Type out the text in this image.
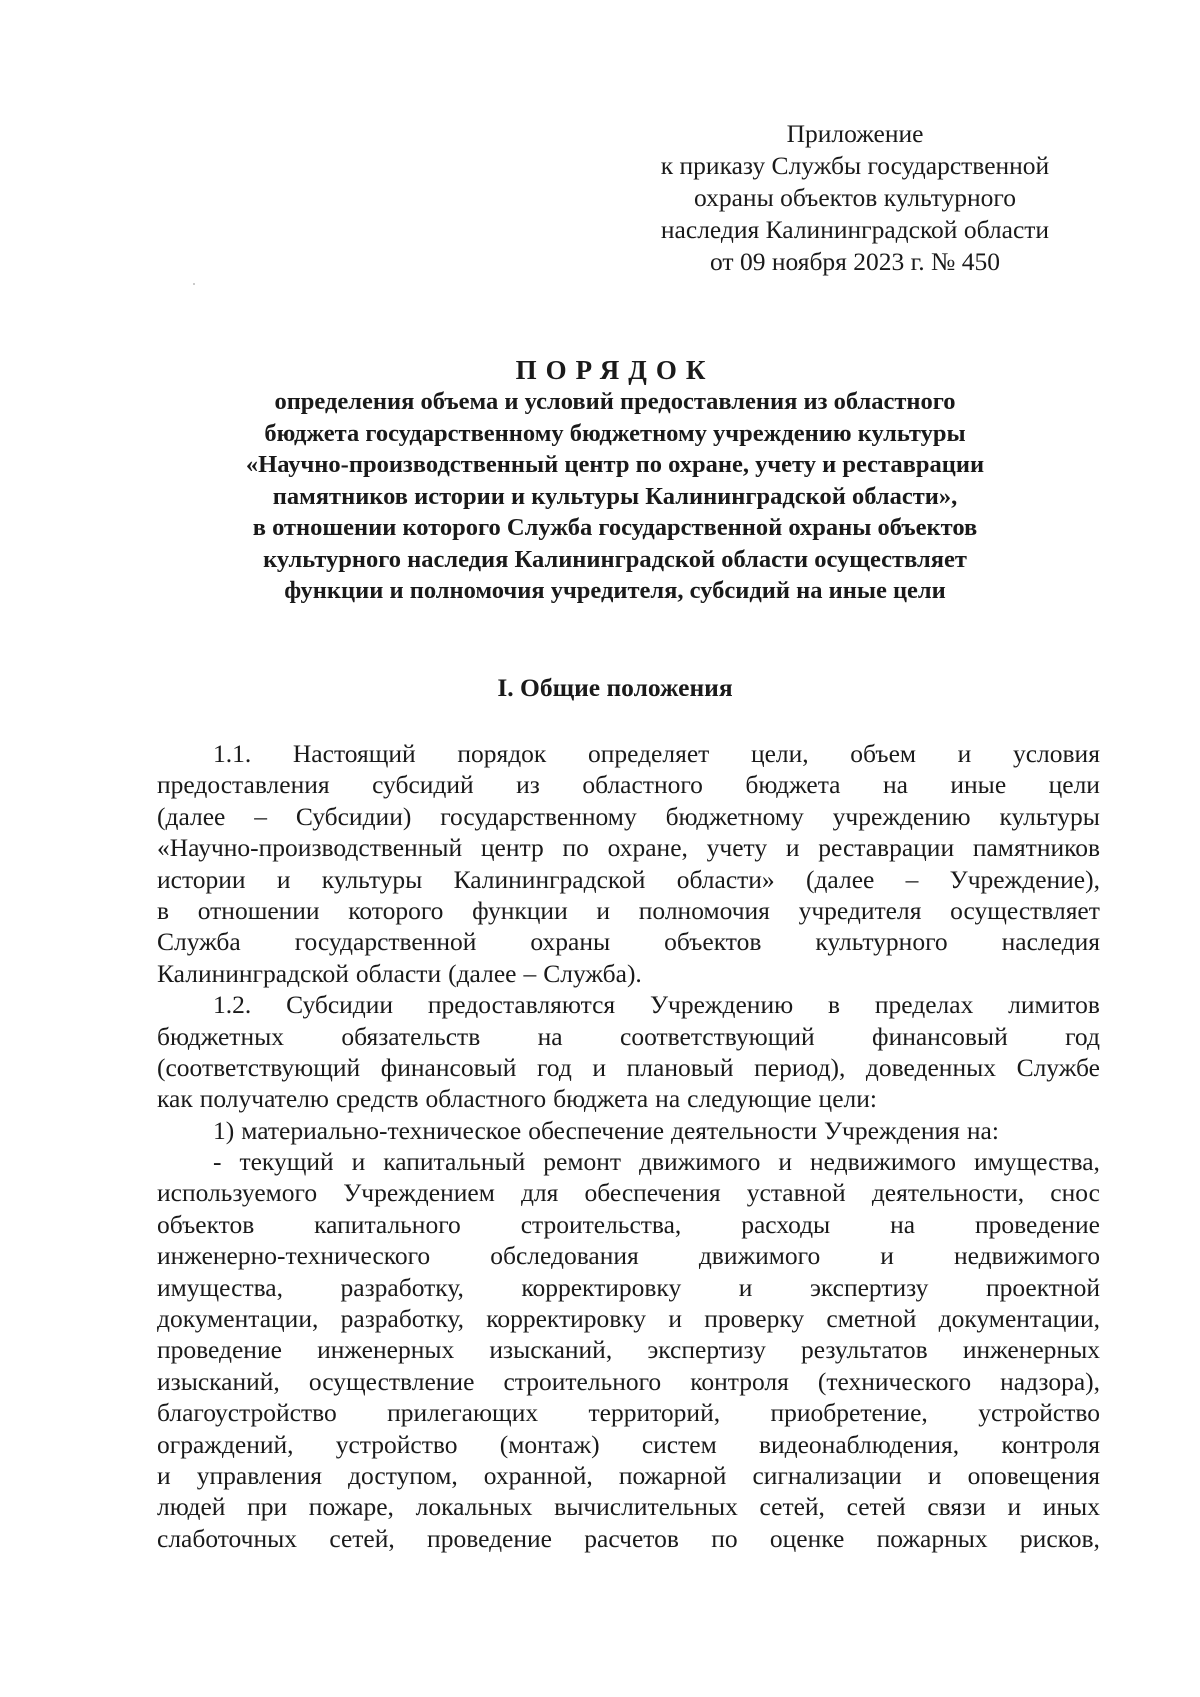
Приложение
к приказу Службы государственной
охраны объектов культурного
наследия Калининградской области
от 09 ноября 2023 г. № 450
ПОРЯДОК
определения объема и условий предоставления из областного
бюджета государственному бюджетному учреждению культуры
«Научно-производственный центр по охране, учету и реставрации
памятников истории и культуры Калининградской области»,
в отношении которого Служба государственной охраны объектов
культурного наследия Калининградской области осуществляет
функции и полномочия учредителя, субсидий на иные цели
I. Общие положения
1.1. Настоящий порядок определяет цели, объем и условия
предоставления субсидий из областного бюджета на иные цели
(далее – Субсидии) государственному бюджетному учреждению культуры
«Научно-производственный центр по охране, учету и реставрации памятников
истории и культуры Калининградской области» (далее – Учреждение),
в отношении которого функции и полномочия учредителя осуществляет
Служба государственной охраны объектов культурного наследия
Калининградской области (далее – Служба).
1.2. Субсидии предоставляются Учреждению в пределах лимитов
бюджетных обязательств на соответствующий финансовый год
(соответствующий финансовый год и плановый период), доведенных Службе
как получателю средств областного бюджета на следующие цели:
1) материально-техническое обеспечение деятельности Учреждения на:
- текущий и капитальный ремонт движимого и недвижимого имущества,
используемого Учреждением для обеспечения уставной деятельности, снос
объектов капитального строительства, расходы на проведение
инженерно-технического обследования движимого и недвижимого
имущества, разработку, корректировку и экспертизу проектной
документации, разработку, корректировку и проверку сметной документации,
проведение инженерных изысканий, экспертизу результатов инженерных
изысканий, осуществление строительного контроля (технического надзора),
благоустройство прилегающих территорий, приобретение, устройство
ограждений, устройство (монтаж) систем видеонаблюдения, контроля
и управления доступом, охранной, пожарной сигнализации и оповещения
людей при пожаре, локальных вычислительных сетей, сетей связи и иных
слаботочных сетей, проведение расчетов по оценке пожарных рисков,
